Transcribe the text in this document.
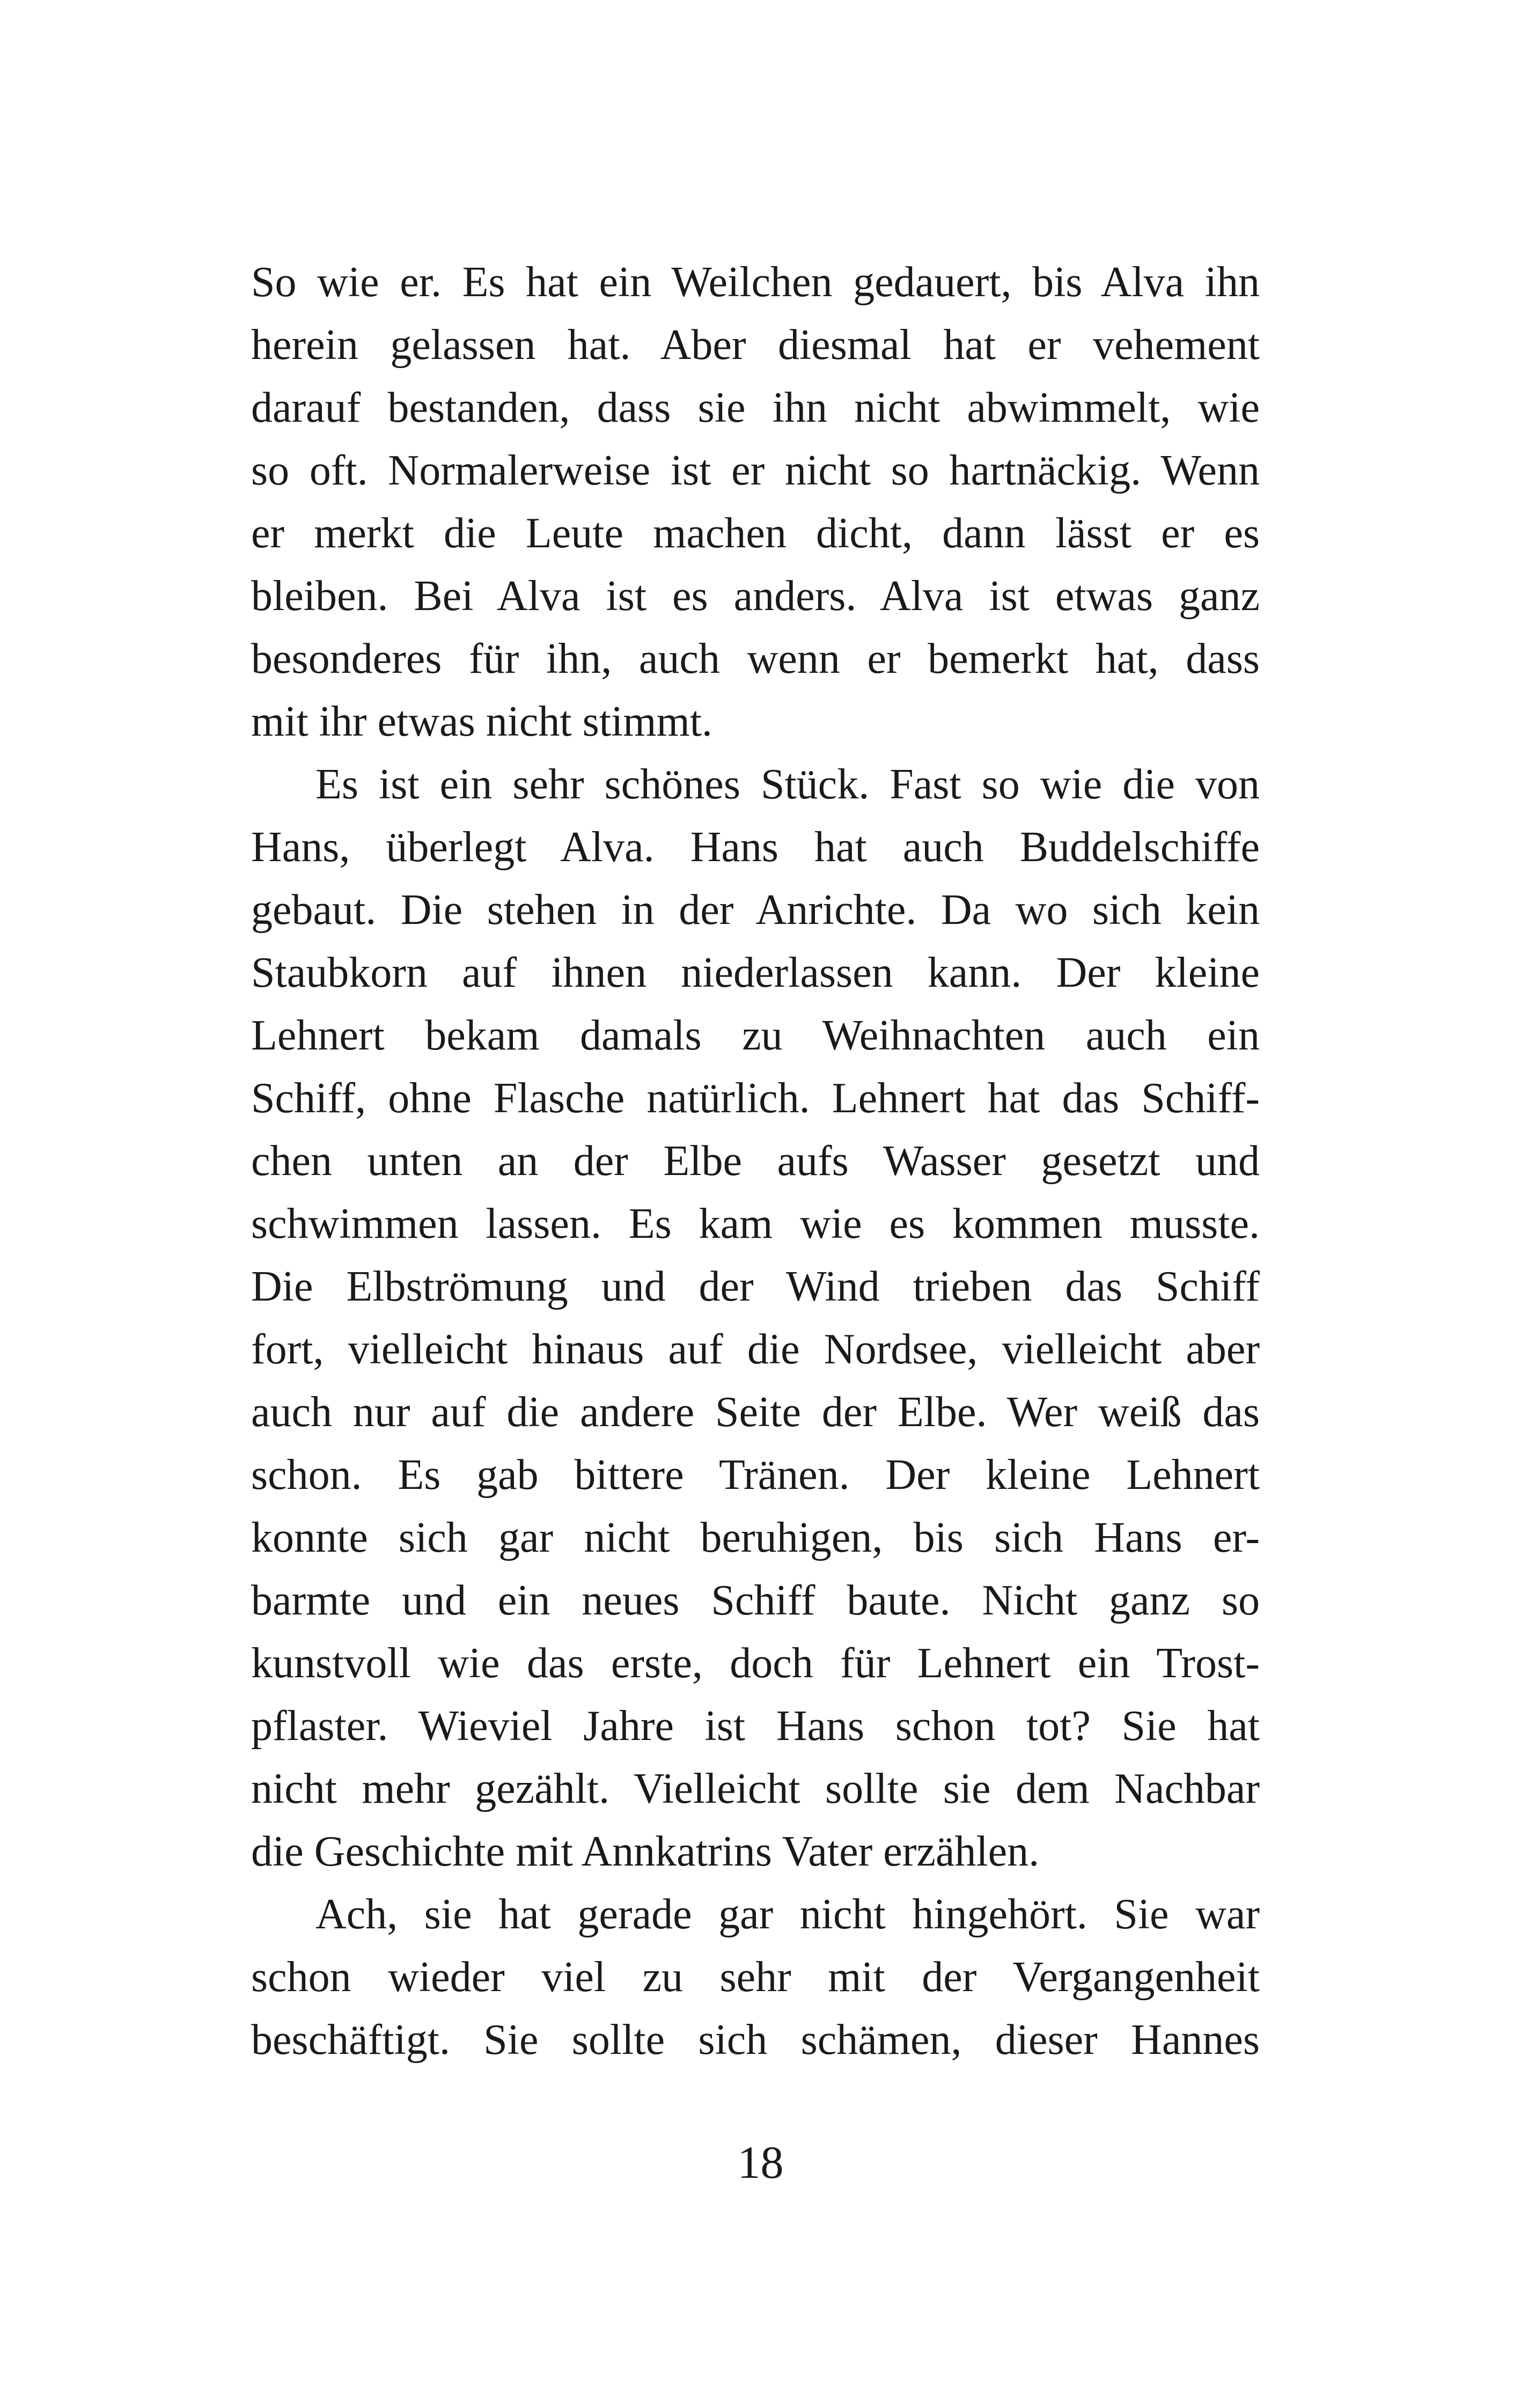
So wie er. Es hat ein Weilchen gedauert, bis Alva ihn
herein gelassen hat. Aber diesmal hat er vehement
darauf bestanden, dass sie ihn nicht abwimmelt, wie
so oft. Normalerweise ist er nicht so hartnäckig. Wenn
er merkt die Leute machen dicht, dann lässt er es
bleiben. Bei Alva ist es anders. Alva ist etwas ganz
besonderes für ihn, auch wenn er bemerkt hat, dass
mit ihr etwas nicht stimmt.
Es ist ein sehr schönes Stück. Fast so wie die von
Hans, überlegt Alva. Hans hat auch Buddelschiffe
gebaut. Die stehen in der Anrichte. Da wo sich kein
Staubkorn auf ihnen niederlassen kann. Der kleine
Lehnert bekam damals zu Weihnachten auch ein
Schiff, ohne Flasche natürlich. Lehnert hat das Schiff-
chen unten an der Elbe aufs Wasser gesetzt und
schwimmen lassen. Es kam wie es kommen musste.
Die Elbströmung und der Wind trieben das Schiff
fort, vielleicht hinaus auf die Nordsee, vielleicht aber
auch nur auf die andere Seite der Elbe. Wer weiß das
schon. Es gab bittere Tränen. Der kleine Lehnert
konnte sich gar nicht beruhigen, bis sich Hans er-
barmte und ein neues Schiff baute. Nicht ganz so
kunstvoll wie das erste, doch für Lehnert ein Trost-
pflaster. Wieviel Jahre ist Hans schon tot? Sie hat
nicht mehr gezählt. Vielleicht sollte sie dem Nachbar
die Geschichte mit Annkatrins Vater erzählen.
Ach, sie hat gerade gar nicht hingehört. Sie war
schon wieder viel zu sehr mit der Vergangenheit
beschäftigt. Sie sollte sich schämen, dieser Hannes
18
